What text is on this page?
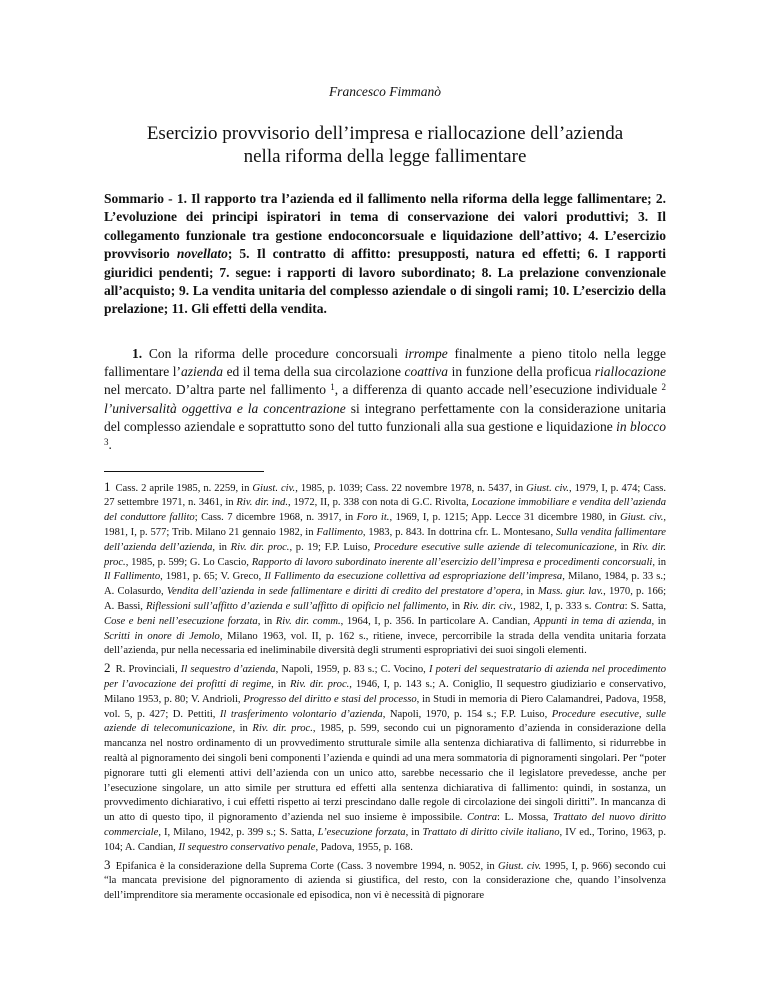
Francesco Fimmanò

Esercizio provvisorio dell’impresa e riallocazione dell’azienda
nella riforma della legge fallimentare

Sommario - 1. Il rapporto tra l’azienda ed il fallimento nella riforma della legge fallimentare; 2. L’evoluzione dei principi ispiratori in tema di conservazione dei valori produttivi; 3. Il collegamento funzionale tra gestione endoconcorsuale e liquidazione dell’attivo; 4. L’esercizio provvisorio novellato; 5. Il contratto di affitto: presupposti, natura ed effetti; 6. I rapporti giuridici pendenti; 7. segue: i rapporti di lavoro subordinato; 8. La prelazione convenzionale all’acquisto; 9. La vendita unitaria del complesso aziendale o di singoli rami; 10. L’esercizio della prelazione; 11. Gli effetti della vendita.

1. Con la riforma delle procedure concorsuali irrompe finalmente a pieno titolo nella legge fallimentare l’azienda ed il tema della sua circolazione coattiva in funzione della proficua riallocazione nel mercato. D’altra parte nel fallimento $^1$, a differenza di quanto accade nell’esecuzione individuale $^2$ l’universalità oggettiva e la concentrazione si integrano perfettamente con la considerazione unitaria del complesso aziendale e soprattutto sono del tutto funzionali alla sua gestione e liquidazione in blocco $^3$.

1 Cass. 2 aprile 1985, n. 2259, in Giust. civ., 1985, p. 1039; Cass. 22 novembre 1978, n. 5437, in Giust. civ., 1979, I, p. 474; Cass. 27 settembre 1971, n. 3461, in Riv. dir. ind., 1972, II, p. 338 con nota di G.C. Rivolta, Locazione immobiliare e vendita dell’azienda del conduttore fallito; Cass. 7 dicembre 1968, n. 3917, in Foro it., 1969, I, p. 1215; App. Lecce 31 dicembre 1980, in Giust. civ., 1981, I, p. 577; Trib. Milano 21 gennaio 1982, in Fallimento, 1983, p. 843. In dottrina cfr. L. Montesano, Sulla vendita fallimentare dell’azienda dell’azienda, in Riv. dir. proc., p. 19; F.P. Luiso, Procedure esecutive sulle aziende di telecomunicazione, in Riv. dir. proc., 1985, p. 599; G. Lo Cascio, Rapporto di lavoro subordinato inerente all’esercizio dell’impresa e procedimenti concorsuali, in Il Fallimento, 1981, p. 65; V. Greco, Il Fallimento da esecuzione collettiva ad espropriazione dell’impresa, Milano, 1984, p. 33 s.; A. Colasurdo, Vendita dell’azienda in sede fallimentare e diritti di credito del prestatore d’opera, in Mass. giur. lav., 1970, p. 166; A. Bassi, Riflessioni sull’affitto d’azienda e sull’affitto di opificio nel fallimento, in Riv. dir. civ., 1982, I, p. 333 s. Contra: S. Satta, Cose e beni nell’esecuzione forzata, in Riv. dir. comm., 1964, I, p. 356. In particolare A. Candian, Appunti in tema di azienda, in Scritti in onore di Jemolo, Milano 1963, vol. II, p. 162 s., ritiene, invece, percorribile la strada della vendita unitaria forzata dell’azienda, pur nella necessaria ed ineliminabile diversità degli strumenti espropriativi dei suoi singoli elementi.

2 R. Provinciali, Il sequestro d’azienda, Napoli, 1959, p. 83 s.; C. Vocino, I poteri del sequestratario di azienda nel procedimento per l’avocazione dei profitti di regime, in Riv. dir. proc., 1946, I, p. 143 s.; A. Coniglio, Il sequestro giudiziario e conservativo, Milano 1953, p. 80; V. Andrioli, Progresso del diritto e stasi del processo, in Studi in memoria di Piero Calamandrei, Padova, 1958, vol. 5, p. 427; D. Pettiti, Il trasferimento volontario d’azienda, Napoli, 1970, p. 154 s.; F.P. Luiso, Procedure esecutive, sulle aziende di telecomunicazione, in Riv. dir. proc., 1985, p. 599, secondo cui un pignoramento d’azienda in considerazione della mancanza nel nostro ordinamento di un provvedimento strutturale simile alla sentenza dichiarativa di fallimento, si ridurrebbe in realtà al pignoramento dei singoli beni componenti l’azienda e quindi ad una mera sommatoria di pignoramenti singolari. Per “poter pignorare tutti gli elementi attivi dell’azienda con un unico atto, sarebbe necessario che il legislatore prevedesse, anche per l’esecuzione singolare, un atto simile per struttura ed effetti alla sentenza dichiarativa di fallimento: quindi, in sostanza, un provvedimento dichiarativo, i cui effetti rispetto ai terzi prescindano dalle regole di circolazione dei singoli diritti”. In mancanza di un atto di questo tipo, il pignoramento d’azienda nel suo insieme è impossibile. Contra: L. Mossa, Trattato del nuovo diritto commerciale, I, Milano, 1942, p. 399 s.; S. Satta, L’esecuzione forzata, in Trattato di diritto civile italiano, IV ed., Torino, 1963, p. 104; A. Candian, Il sequestro conservativo penale, Padova, 1955, p. 168.

3 Epifanica è la considerazione della Suprema Corte (Cass. 3 novembre 1994, n. 9052, in Giust. civ. 1995, I, p. 966) secondo cui “la mancata previsione del pignoramento di azienda si giustifica, del resto, con la considerazione che, quando l’insolvenza dell’imprenditore sia meramente occasionale ed episodica, non vi è necessità di pignorare
